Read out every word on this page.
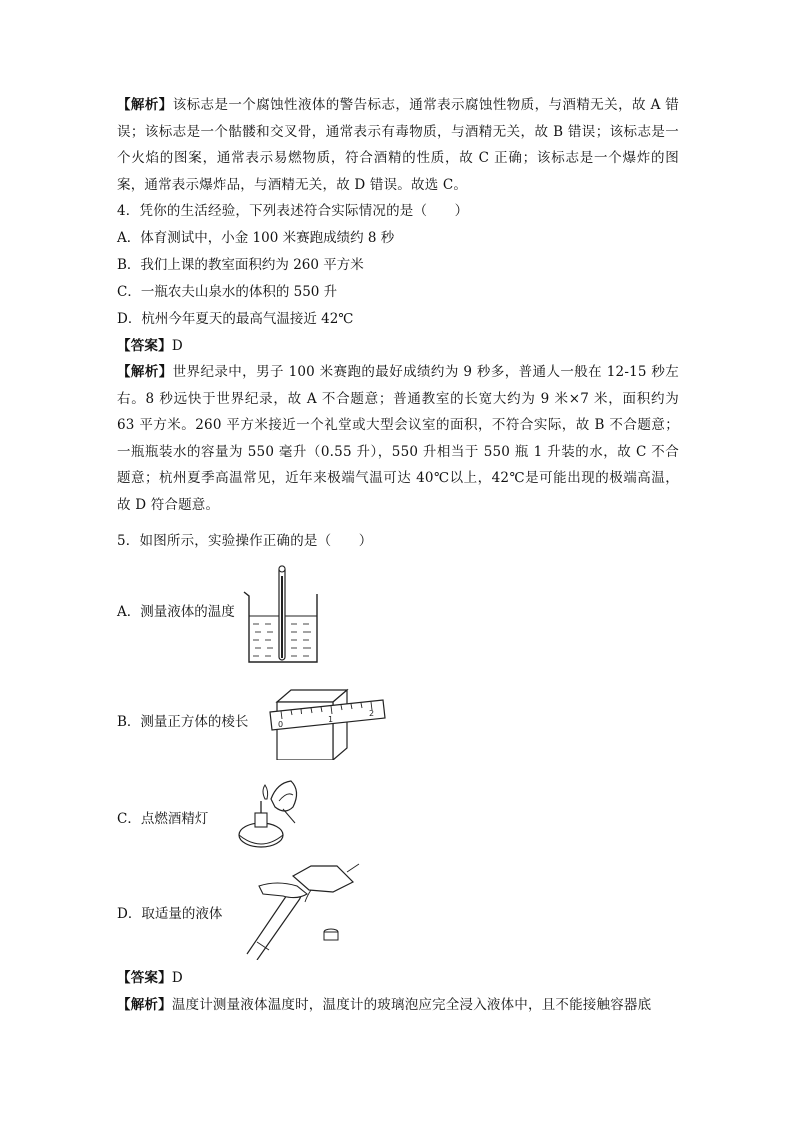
【解析】该标志是一个腐蚀性液体的警告标志，通常表示腐蚀性物质，与酒精无关，故 A 错误；该标志是一个骷髅和交叉骨，通常表示有毒物质，与酒精无关，故 B 错误；该标志是一个火焰的图案，通常表示易燃物质，符合酒精的性质，故 C 正确；该标志是一个爆炸的图案，通常表示爆炸品，与酒精无关，故 D 错误。故选 C。

4．凭你的生活经验，下列表述符合实际情况的是（　　）

A．体育测试中，小金 100 米赛跑成绩约 8 秒

B．我们上课的教室面积约为 260 平方米

C．一瓶农夫山泉水的体积的 550 升

D．杭州今年夏天的最高气温接近 42℃

【答案】D

【解析】世界纪录中，男子 100 米赛跑的最好成绩约为 9 秒多，普通人一般在 12-15 秒左右。8 秒远快于世界纪录，故 A 不合题意；普通教室的长宽大约为 9 米×7 米，面积约为 63 平方米。260 平方米接近一个礼堂或大型会议室的面积，不符合实际，故 B 不合题意；一瓶瓶装水的容量为 550 毫升（0.55 升），550 升相当于 550 瓶 1 升装的水，故 C 不合题意；杭州夏季高温常见，近年来极端气温可达 40℃以上，42℃是可能出现的极端高温，故 D 符合题意。

5．如图所示，实验操作正确的是（　　）

A．测量液体的温度
B．测量正方体的棱长	0
1
2
C．点燃酒精灯
D．取适量的液体

【答案】D

【解析】温度计测量液体温度时，温度计的玻璃泡应完全浸入液体中，且不能接触容器底
